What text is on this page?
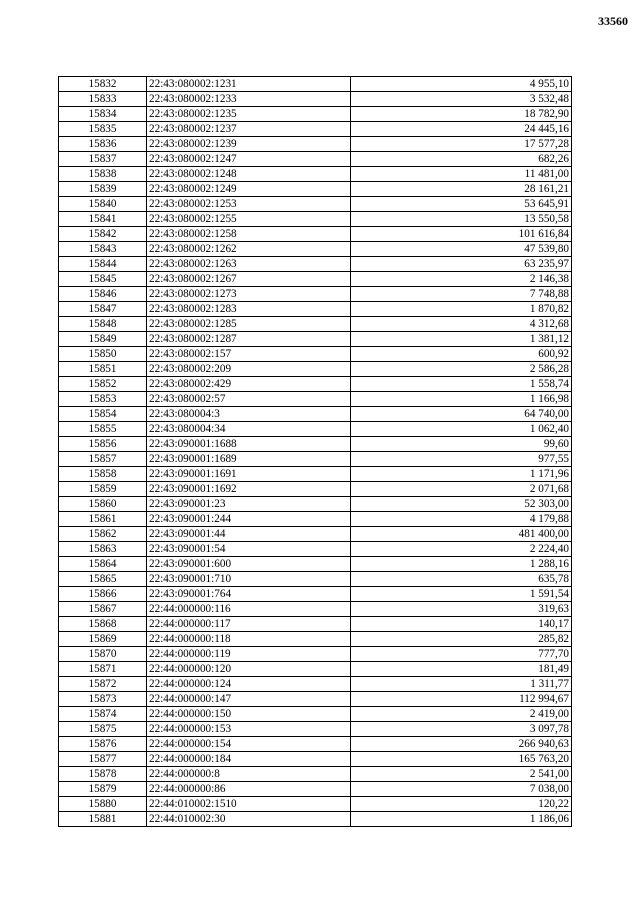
33560
15832	22:43:080002:1231	4 955,10
15833	22:43:080002:1233	3 532,48
15834	22:43:080002:1235	18 782,90
15835	22:43:080002:1237	24 445,16
15836	22:43:080002:1239	17 577,28
15837	22:43:080002:1247	682,26
15838	22:43:080002:1248	11 481,00
15839	22:43:080002:1249	28 161,21
15840	22:43:080002:1253	53 645,91
15841	22:43:080002:1255	13 550,58
15842	22:43:080002:1258	101 616,84
15843	22:43:080002:1262	47 539,80
15844	22:43:080002:1263	63 235,97
15845	22:43:080002:1267	2 146,38
15846	22:43:080002:1273	7 748,88
15847	22:43:080002:1283	1 870,82
15848	22:43:080002:1285	4 312,68
15849	22:43:080002:1287	1 381,12
15850	22:43:080002:157	600,92
15851	22:43:080002:209	2 586,28
15852	22:43:080002:429	1 558,74
15853	22:43:080002:57	1 166,98
15854	22:43:080004:3	64 740,00
15855	22:43:080004:34	1 062,40
15856	22:43:090001:1688	99,60
15857	22:43:090001:1689	977,55
15858	22:43:090001:1691	1 171,96
15859	22:43:090001:1692	2 071,68
15860	22:43:090001:23	52 303,00
15861	22:43:090001:244	4 179,88
15862	22:43:090001:44	481 400,00
15863	22:43:090001:54	2 224,40
15864	22:43:090001:600	1 288,16
15865	22:43:090001:710	635,78
15866	22:43:090001:764	1 591,54
15867	22:44:000000:116	319,63
15868	22:44:000000:117	140,17
15869	22:44:000000:118	285,82
15870	22:44:000000:119	777,70
15871	22:44:000000:120	181,49
15872	22:44:000000:124	1 311,77
15873	22:44:000000:147	112 994,67
15874	22:44:000000:150	2 419,00
15875	22:44:000000:153	3 097,78
15876	22:44:000000:154	266 940,63
15877	22:44:000000:184	165 763,20
15878	22:44:000000:8	2 541,00
15879	22:44:000000:86	7 038,00
15880	22:44:010002:1510	120,22
15881	22:44:010002:30	1 186,06
